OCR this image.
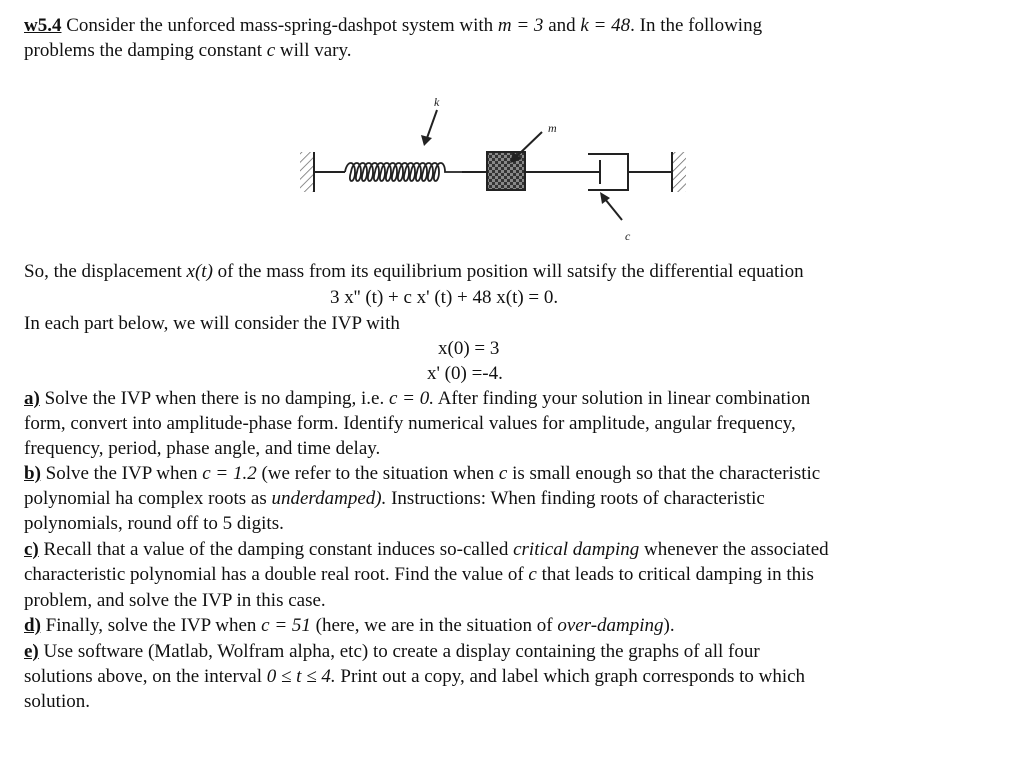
w5.4 Consider the unforced mass-spring-dashpot system with m = 3 and k = 48. In the following
problems the damping constant c will vary.
k
m
c
So, the displacement x(t) of the mass from its equilibrium position will satsify the differential equation
3 x'' (t) + c x' (t) + 48 x(t) = 0.
In each part below, we will consider the IVP with
x(0) = 3
x' (0) =-4.
a) Solve the IVP when there is no damping, i.e. c = 0. After finding your solution in linear combination
form, convert into amplitude-phase form. Identify numerical values for amplitude, angular frequency,
frequency, period, phase angle, and time delay.
b) Solve the IVP when c = 1.2 (we refer to the situation when c is small enough so that the characteristic
polynomial ha complex roots as underdamped). Instructions: When finding roots of characteristic
polynomials, round off to 5 digits.
c) Recall that a value of the damping constant induces so-called critical damping whenever the associated
characteristic polynomial has a double real root. Find the value of c that leads to critical damping in this
problem, and solve the IVP in this case.
d) Finally, solve the IVP when c = 51 (here, we are in the situation of over-damping).
e) Use software (Matlab, Wolfram alpha, etc) to create a display containing the graphs of all four
solutions above, on the interval 0 ≤ t ≤ 4. Print out a copy, and label which graph corresponds to which
solution.
